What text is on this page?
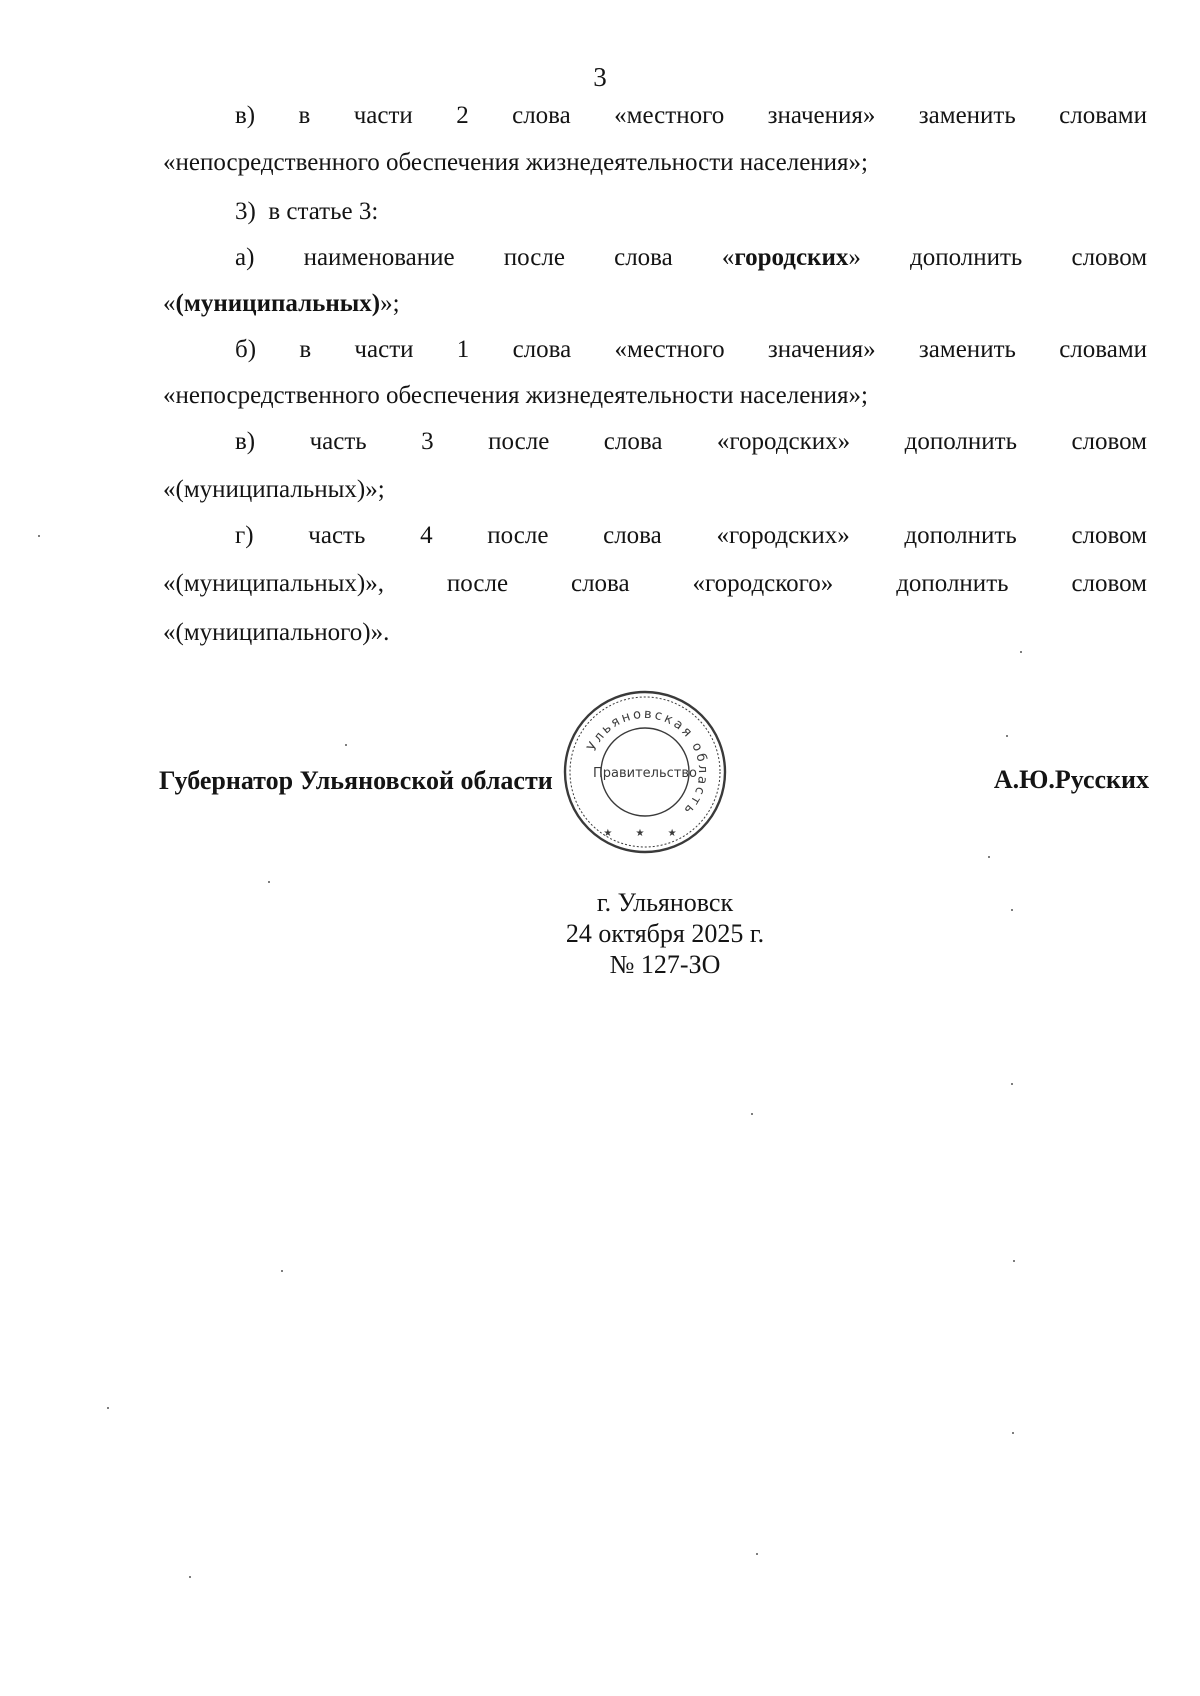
3
в) в части 2 слова «местного значения» заменить словами
«непосредственного обеспечения жизнедеятельности населения»;
3)  в статье 3:
а) наименование после слова «городских» дополнить словом
«(муниципальных)»;
б) в части 1 слова «местного значения» заменить словами
«непосредственного обеспечения жизнедеятельности населения»;
в) часть 3 после слова «городских» дополнить словом
«(муниципальных)»;
г) часть 4 после слова «городских» дополнить словом
«(муниципальных)»,	после	слова	«городского»	дополнить	словом
«(муниципального)».
Губернатор Ульяновской области	А.Ю.Русских
Ульяновская область
Правительство
★ ★ ★
г. Ульяновск
24 октября 2025 г.
№ 127-ЗО
